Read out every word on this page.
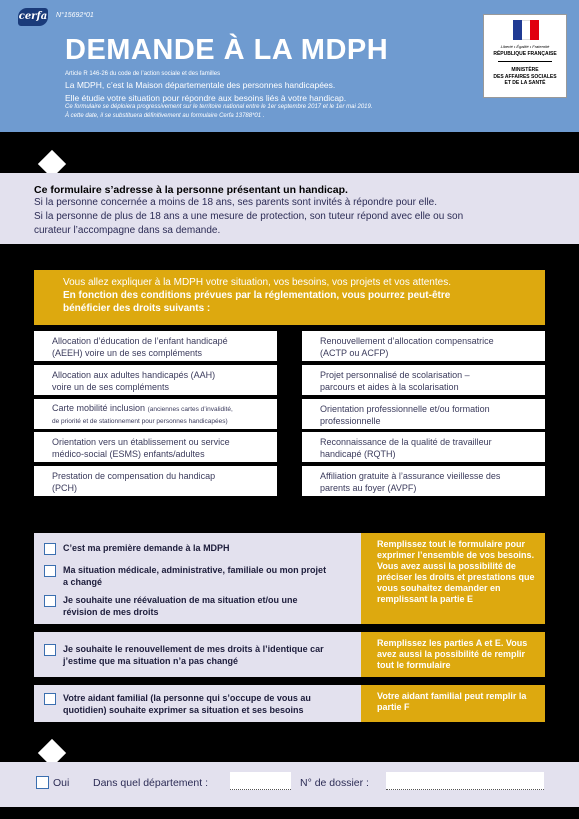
cerfa N°15692*01
DEMANDE À LA MDPH
Article R 146-26 du code de l’action sociale et des familles
La MDPH, c’est la Maison départementale des personnes handicapées.
Elle étudie votre situation pour répondre aux besoins liés à votre handicap.
Ce formulaire se déploiera progressivement sur le territoire national entre le 1er septembre 2017 et le 1er mai 2019.
À cette date, il se substituera définitivement au formulaire Cerfa 13788*01 .
Liberté • Égalité • Fraternité
RÉPUBLIQUE FRANÇAISE
MINISTÈRE
DES AFFAIRES SOCIALES
ET DE LA SANTÉ
Ce formulaire s’adresse à la personne présentant un handicap.
Si la personne concernée a moins de 18 ans, ses parents sont invités à répondre pour elle.
Si la personne de plus de 18 ans a une mesure de protection, son tuteur répond avec elle ou son
curateur l’accompagne dans sa demande.
Vous allez expliquer à la MDPH votre situation, vos besoins, vos projets et vos attentes.
En fonction des conditions prévues par la réglementation, vous pourrez peut-être
bénéficier des droits suivants :
Allocation d’éducation de l’enfant handicapé
(AEEH) voire un de ses compléments
Allocation aux adultes handicapés (AAH)
voire un de ses compléments
Carte mobilité inclusion (anciennes cartes d’invalidité,
de priorité et de stationnement pour personnes handicapées)
Orientation vers un établissement ou service
médico-social (ESMS) enfants/adultes
Prestation de compensation du handicap
(PCH)
Renouvellement d’allocation compensatrice
(ACTP ou ACFP)
Projet personnalisé de scolarisation –
parcours et aides à la scolarisation
Orientation professionnelle et/ou formation
professionnelle
Reconnaissance de la qualité de travailleur
handicapé (RQTH)
Affiliation gratuite à l’assurance vieillesse des
parents au foyer (AVPF)
C’est ma première demande à la MDPH
Ma situation médicale, administrative, familiale ou mon projet a changé
Je souhaite une réévaluation de ma situation et/ou une révision de mes droits
Remplissez tout le formulaire pour exprimer l’ensemble de vos besoins. Vous avez aussi la possibilité de préciser les droits et prestations que vous souhaitez demander en remplissant la partie E
Je souhaite le renouvellement de mes droits à l’identique car j’estime que ma situation n’a pas changé
Remplissez les parties A et E. Vous avez aussi la possibilité de remplir tout le formulaire
Votre aidant familial (la personne qui s’occupe de vous au quotidien) souhaite exprimer sa situation et ses besoins
Votre aidant familial peut remplir la partie F
Oui Dans quel département :	N° de dossier :
